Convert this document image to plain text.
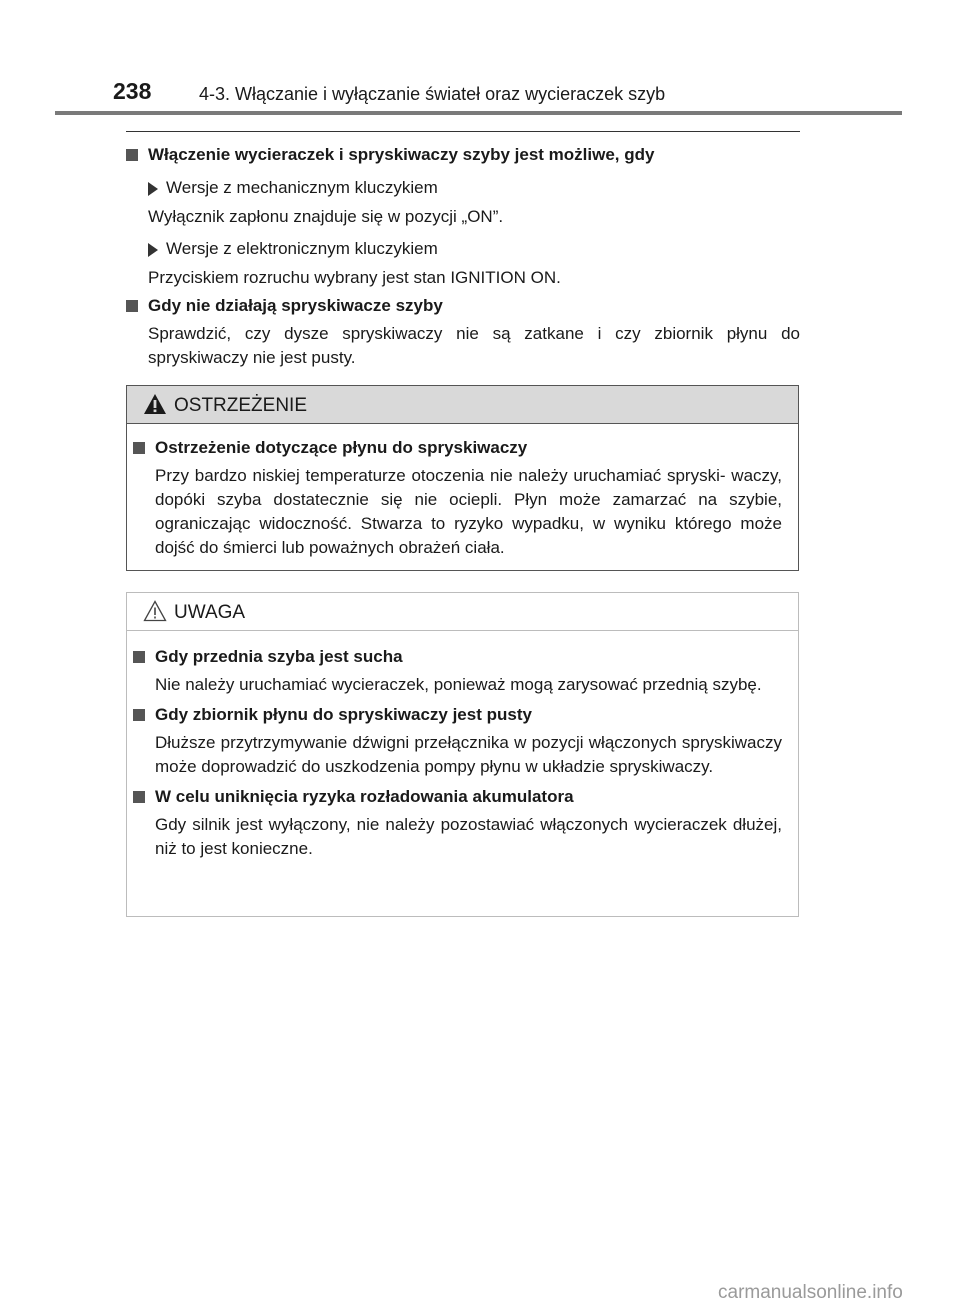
238	4-3. Włączanie i wyłączanie świateł oraz wycieraczek szyb
Włączenie wycieraczek i spryskiwaczy szyby jest możliwe, gdy
Wersje z mechanicznym kluczykiem

Wyłącznik zapłonu znajduje się w pozycji „ON”.

Wersje z elektronicznym kluczykiem

Przyciskiem rozruchu wybrany jest stan IGNITION ON.

Gdy nie działają spryskiwacze szyby

Sprawdzić, czy dysze spryskiwaczy nie są zatkane i czy zbiornik płynu do spryskiwaczy nie jest pusty.

OSTRZEŻENIE
Ostrzeżenie dotyczące płynu do spryskiwaczy

Przy bardzo niskiej temperaturze otoczenia nie należy uruchamiać spryski- waczy, dopóki szyba dostatecznie się nie ociepli. Płyn może zamarzać na szybie, ograniczając widoczność. Stwarza to ryzyko wypadku, w wyniku którego może dojść do śmierci lub poważnych obrażeń ciała.

UWAGA
Gdy przednia szyba jest sucha

Nie należy uruchamiać wycieraczek, ponieważ mogą zarysować przednią szybę.

Gdy zbiornik płynu do spryskiwaczy jest pusty

Dłuższe przytrzymywanie dźwigni przełącznika w pozycji włączonych spryskiwaczy może doprowadzić do uszkodzenia pompy płynu w układzie spryskiwaczy.

W celu uniknięcia ryzyka rozładowania akumulatora

Gdy silnik jest wyłączony, nie należy pozostawiać włączonych wycieraczek dłużej, niż to jest konieczne.

carmanualsonline.info
